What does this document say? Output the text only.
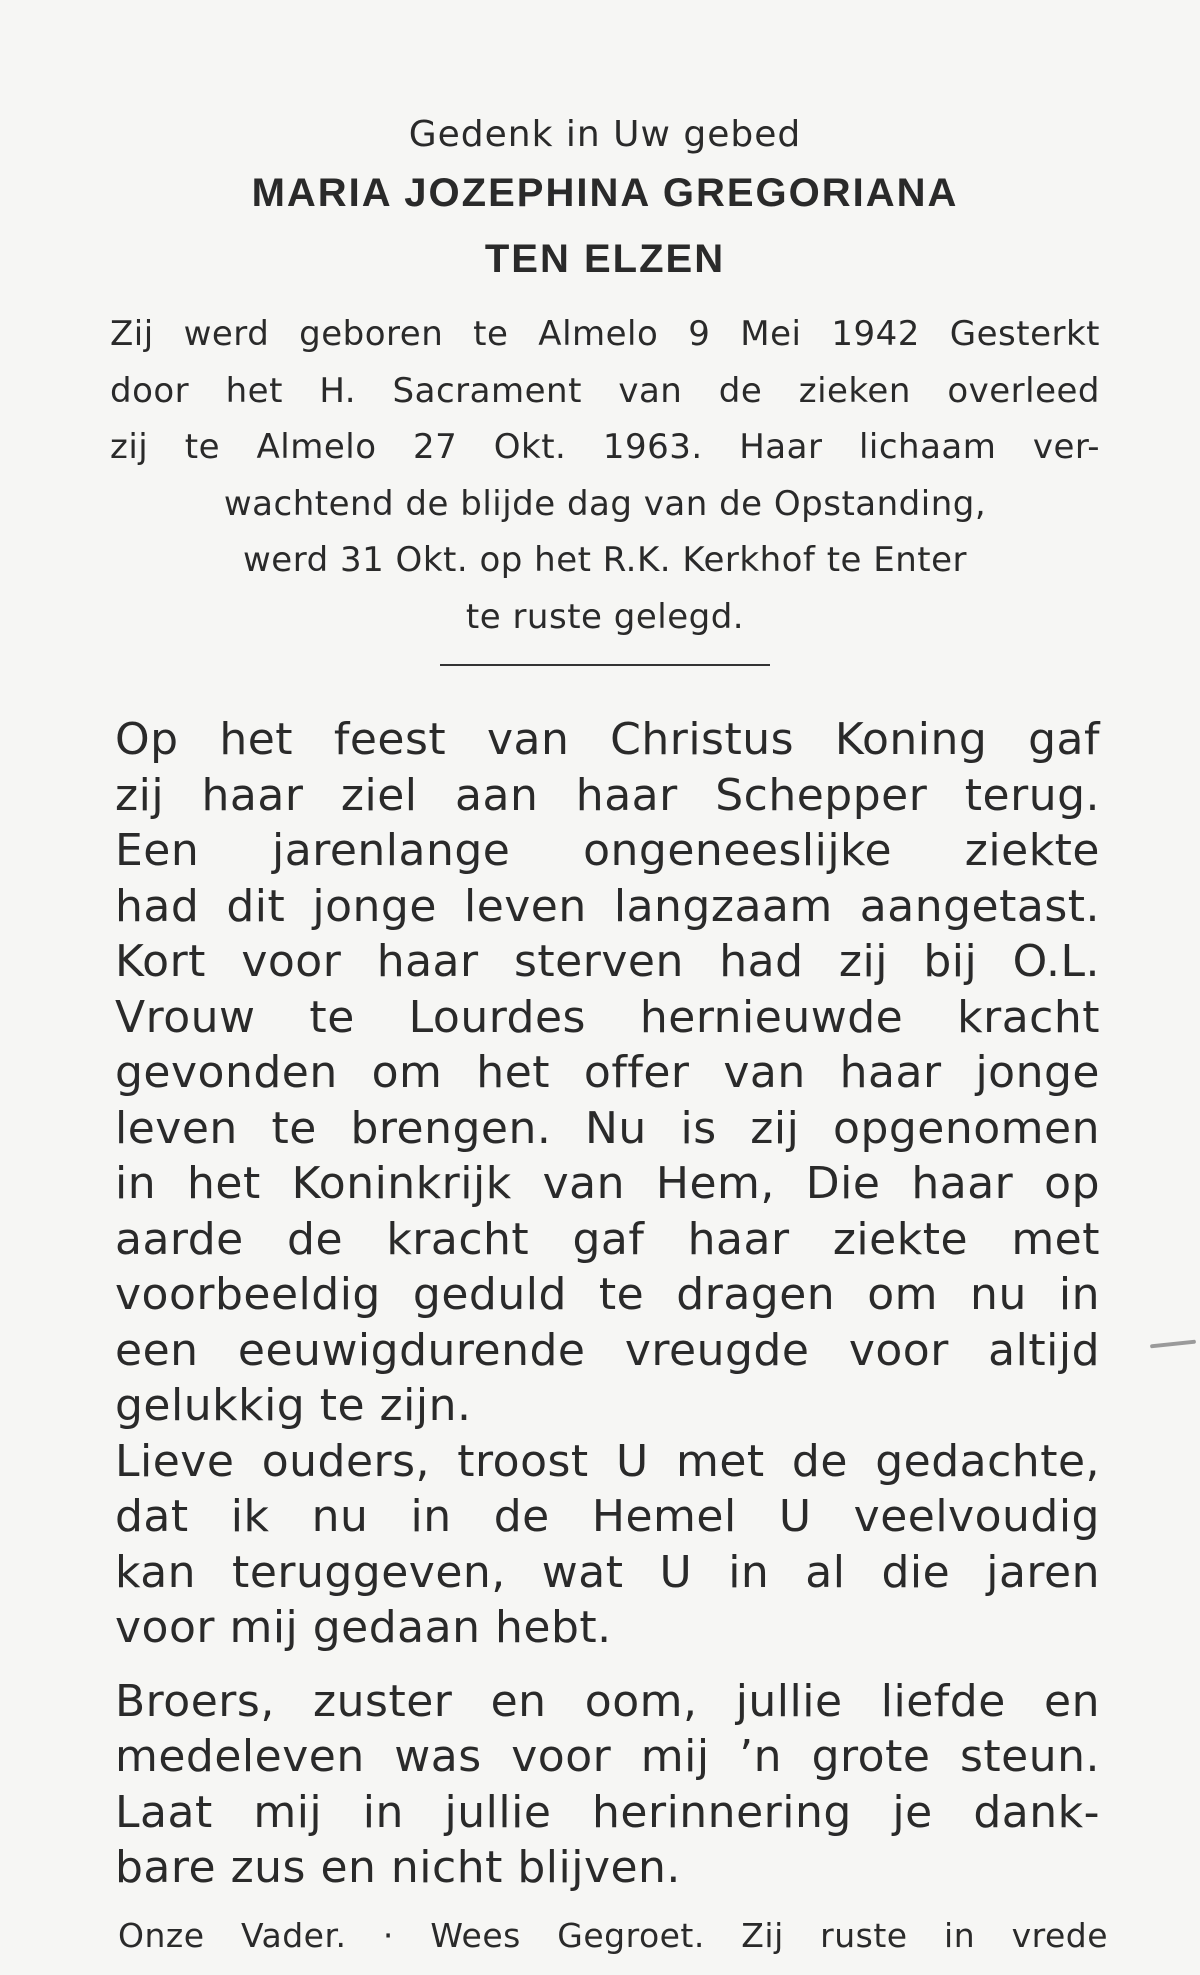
Gedenk in Uw gebed

MARIA JOZEPHINA GREGORIANA

TEN ELZEN

Zij werd geboren te Almelo 9 Mei 1942 Gesterkt
door het H. Sacrament van de zieken overleed
zij te Almelo 27 Okt. 1963. Haar lichaam ver-
wachtend de blijde dag van de Opstanding,
werd 31 Okt. op het R.K. Kerkhof te Enter
te ruste gelegd.
Op het feest van Christus Koning gaf
zij haar ziel aan haar Schepper terug.
Een jarenlange ongeneeslijke ziekte
had dit jonge leven langzaam aangetast.
Kort voor haar sterven had zij bij O.L.
Vrouw te Lourdes hernieuwde kracht
gevonden om het offer van haar jonge
leven te brengen. Nu is zij opgenomen
in het Koninkrijk van Hem, Die haar op
aarde de kracht gaf haar ziekte met
voorbeeldig geduld te dragen om nu in
een eeuwigdurende vreugde voor altijd
gelukkig te zijn.
Lieve ouders, troost U met de gedachte,
dat ik nu in de Hemel U veelvoudig
kan teruggeven, wat U in al die jaren
voor mij gedaan hebt.
Broers, zuster en oom, jullie liefde en
medeleven was voor mij ’n grote steun.
Laat mij in jullie herinnering je dank-
bare zus en nicht blijven.
Onze Vader. · Wees Gegroet. Zij ruste in vrede
